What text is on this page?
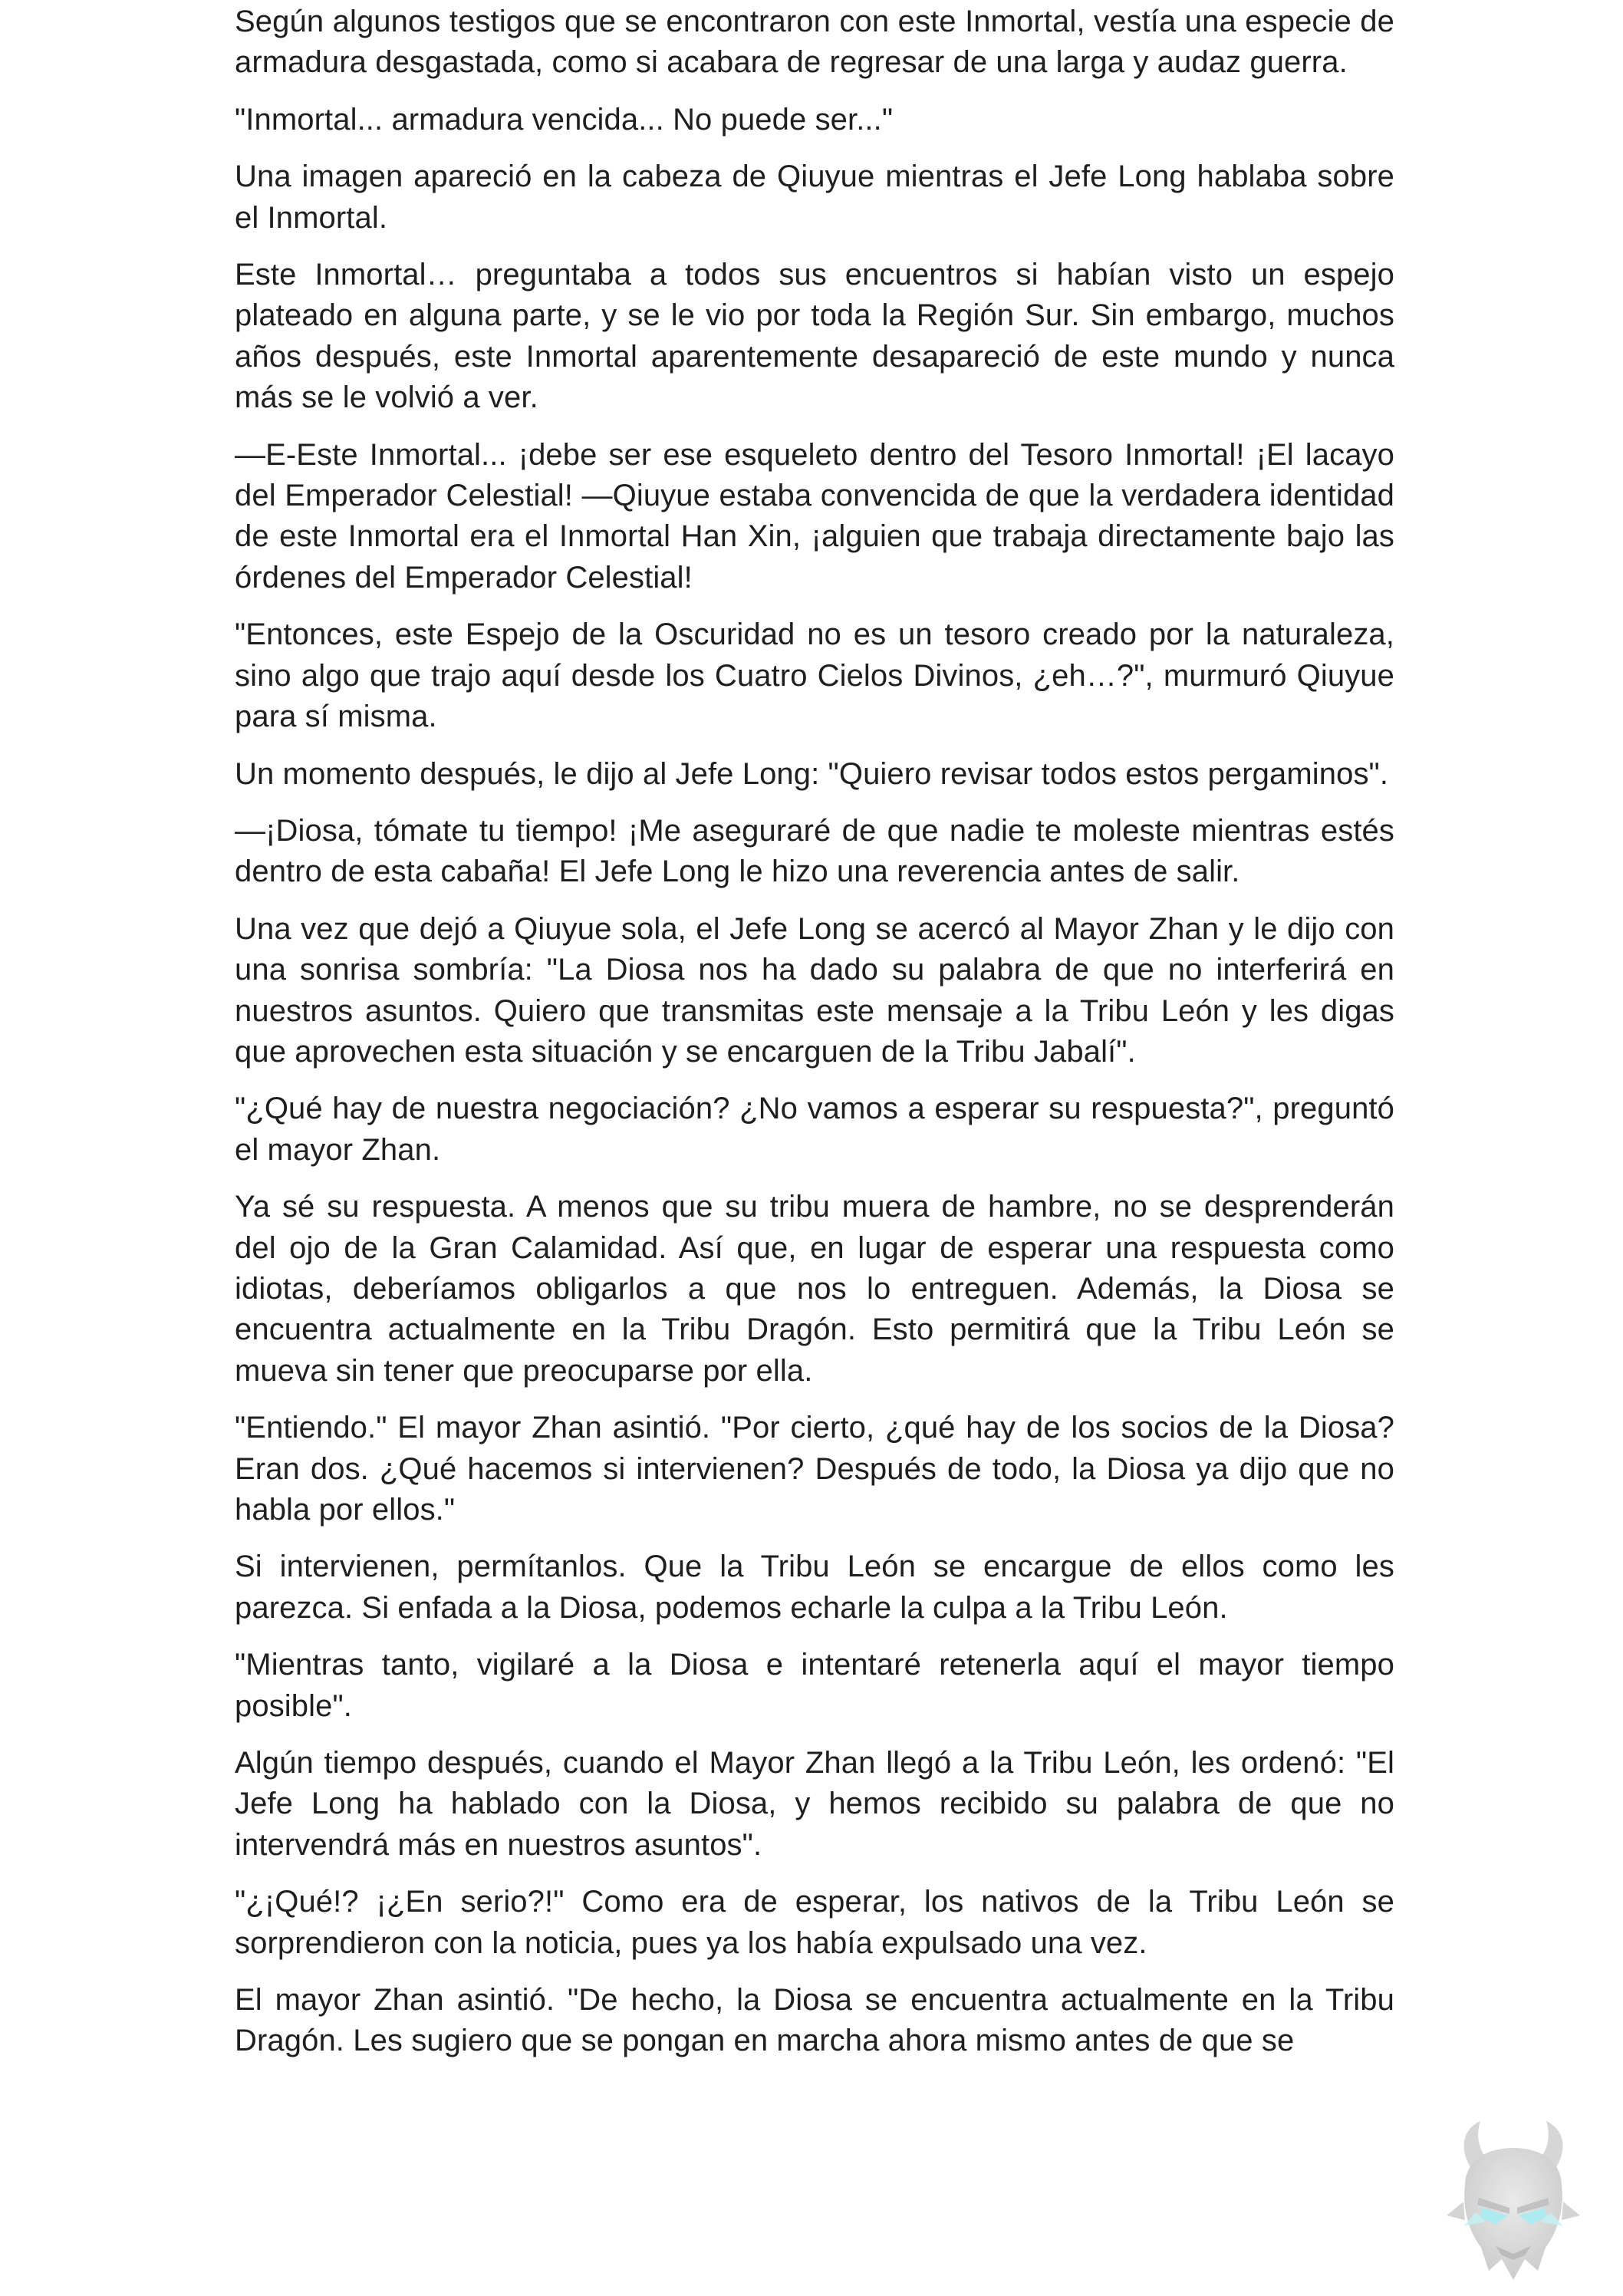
Según algunos testigos que se encontraron con este Inmortal, vestía una especie de armadura desgastada, como si acabara de regresar de una larga y audaz guerra.

"Inmortal... armadura vencida... No puede ser..."

Una imagen apareció en la cabeza de Qiuyue mientras el Jefe Long hablaba sobre el Inmortal.

Este Inmortal… preguntaba a todos sus encuentros si habían visto un espejo plateado en alguna parte, y se le vio por toda la Región Sur. Sin embargo, muchos años después, este Inmortal aparentemente desapareció de este mundo y nunca más se le volvió a ver.

—E-Este Inmortal... ¡debe ser ese esqueleto dentro del Tesoro Inmortal! ¡El lacayo del Emperador Celestial! —Qiuyue estaba convencida de que la verdadera identidad de este Inmortal era el Inmortal Han Xin, ¡alguien que trabaja directamente bajo las órdenes del Emperador Celestial!

"Entonces, este Espejo de la Oscuridad no es un tesoro creado por la naturaleza, sino algo que trajo aquí desde los Cuatro Cielos Divinos, ¿eh…?", murmuró Qiuyue para sí misma.

Un momento después, le dijo al Jefe Long: "Quiero revisar todos estos pergaminos".

—¡Diosa, tómate tu tiempo! ¡Me aseguraré de que nadie te moleste mientras estés dentro de esta cabaña! El Jefe Long le hizo una reverencia antes de salir.

Una vez que dejó a Qiuyue sola, el Jefe Long se acercó al Mayor Zhan y le dijo con una sonrisa sombría: "La Diosa nos ha dado su palabra de que no interferirá en nuestros asuntos. Quiero que transmitas este mensaje a la Tribu León y les digas que aprovechen esta situación y se encarguen de la Tribu Jabalí".

"¿Qué hay de nuestra negociación? ¿No vamos a esperar su respuesta?", preguntó el mayor Zhan.

Ya sé su respuesta. A menos que su tribu muera de hambre, no se desprenderán del ojo de la Gran Calamidad. Así que, en lugar de esperar una respuesta como idiotas, deberíamos obligarlos a que nos lo entreguen. Además, la Diosa se encuentra actualmente en la Tribu Dragón. Esto permitirá que la Tribu León se mueva sin tener que preocuparse por ella.

"Entiendo." El mayor Zhan asintió. "Por cierto, ¿qué hay de los socios de la Diosa? Eran dos. ¿Qué hacemos si intervienen? Después de todo, la Diosa ya dijo que no habla por ellos."

Si intervienen, permítanlos. Que la Tribu León se encargue de ellos como les parezca. Si enfada a la Diosa, podemos echarle la culpa a la Tribu León.

"Mientras tanto, vigilaré a la Diosa e intentaré retenerla aquí el mayor tiempo posible".

Algún tiempo después, cuando el Mayor Zhan llegó a la Tribu León, les ordenó: "El Jefe Long ha hablado con la Diosa, y hemos recibido su palabra de que no intervendrá más en nuestros asuntos".

"¿¡Qué!? ¡¿En serio?!" Como era de esperar, los nativos de la Tribu León se sorprendieron con la noticia, pues ya los había expulsado una vez.

El mayor Zhan asintió. "De hecho, la Diosa se encuentra actualmente en la Tribu Dragón. Les sugiero que se pongan en marcha ahora mismo antes de que se
